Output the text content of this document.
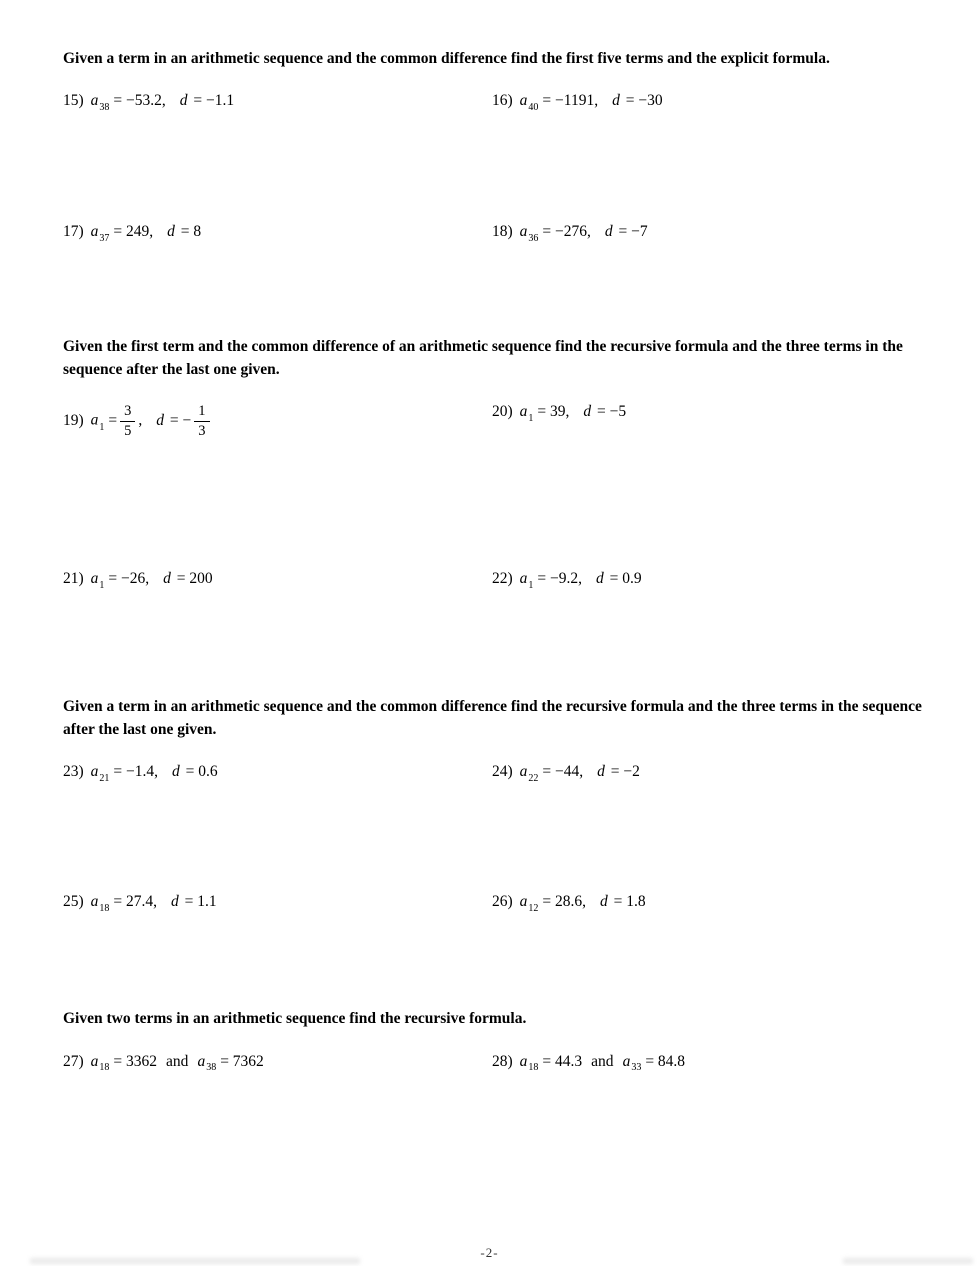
Given a term in an arithmetic sequence and the common difference find the first five terms and the explicit formula.

15) a38 = −53.2, d = −1.1	16) a40 = −1191, d = −30
17) a37 = 249, d = 8	18) a36 = −276, d = −7

Given the first term and the common difference of an arithmetic sequence find the recursive formula and the three terms in the sequence after the last one given.

19) $a1 = \frac{3}{5}$ , d = − $\frac{1}{3}$	20) a1 = 39, d = −5
21) a1 = −26, d = 200	22) a1 = −9.2, d = 0.9

Given a term in an arithmetic sequence and the common difference find the recursive formula and the three terms in the sequence after the last one given.

23) a21 = −1.4, d = 0.6	24) a22 = −44, d = −2
25) a18 = 27.4, d = 1.1	26) a12 = 28.6, d = 1.8

Given two terms in an arithmetic sequence find the recursive formula.

27) a18 = 3362 and a38 = 7362	28) a18 = 44.3 and a33 = 84.8
-2-
